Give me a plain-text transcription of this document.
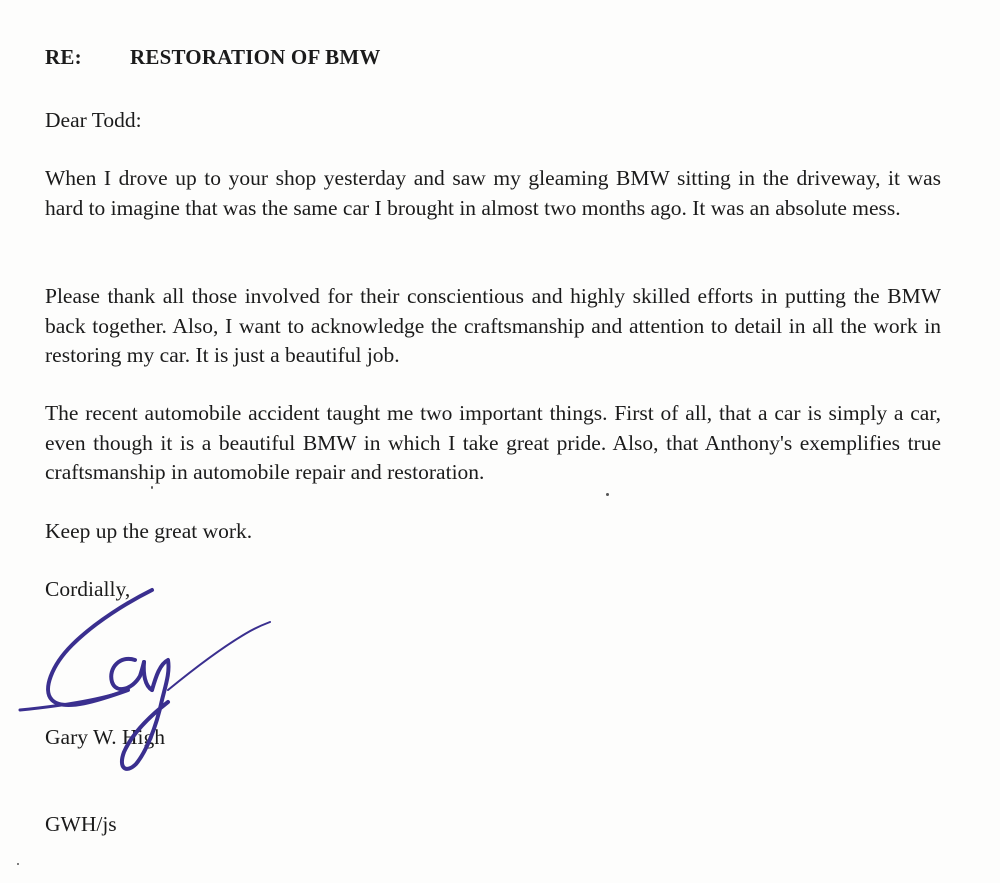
RE: RESTORATION OF BMW
Dear Todd:

When I drove up to your shop yesterday and saw my gleaming BMW sitting in the driveway, it was hard to imagine that was the same car I brought in almost two months ago. It was an absolute mess.

Please thank all those involved for their conscientious and highly skilled efforts in putting the BMW back together. Also, I want to acknowledge the craftsmanship and attention to detail in all the work in restoring my car. It is just a beautiful job.

The recent automobile accident taught me two important things. First of all, that a car is simply a car, even though it is a beautiful BMW in which I take great pride. Also, that Anthony's exemplifies true craftsmanship in automobile repair and restoration.

Keep up the great work.
Cordially,
Gary W. High
GWH/js
